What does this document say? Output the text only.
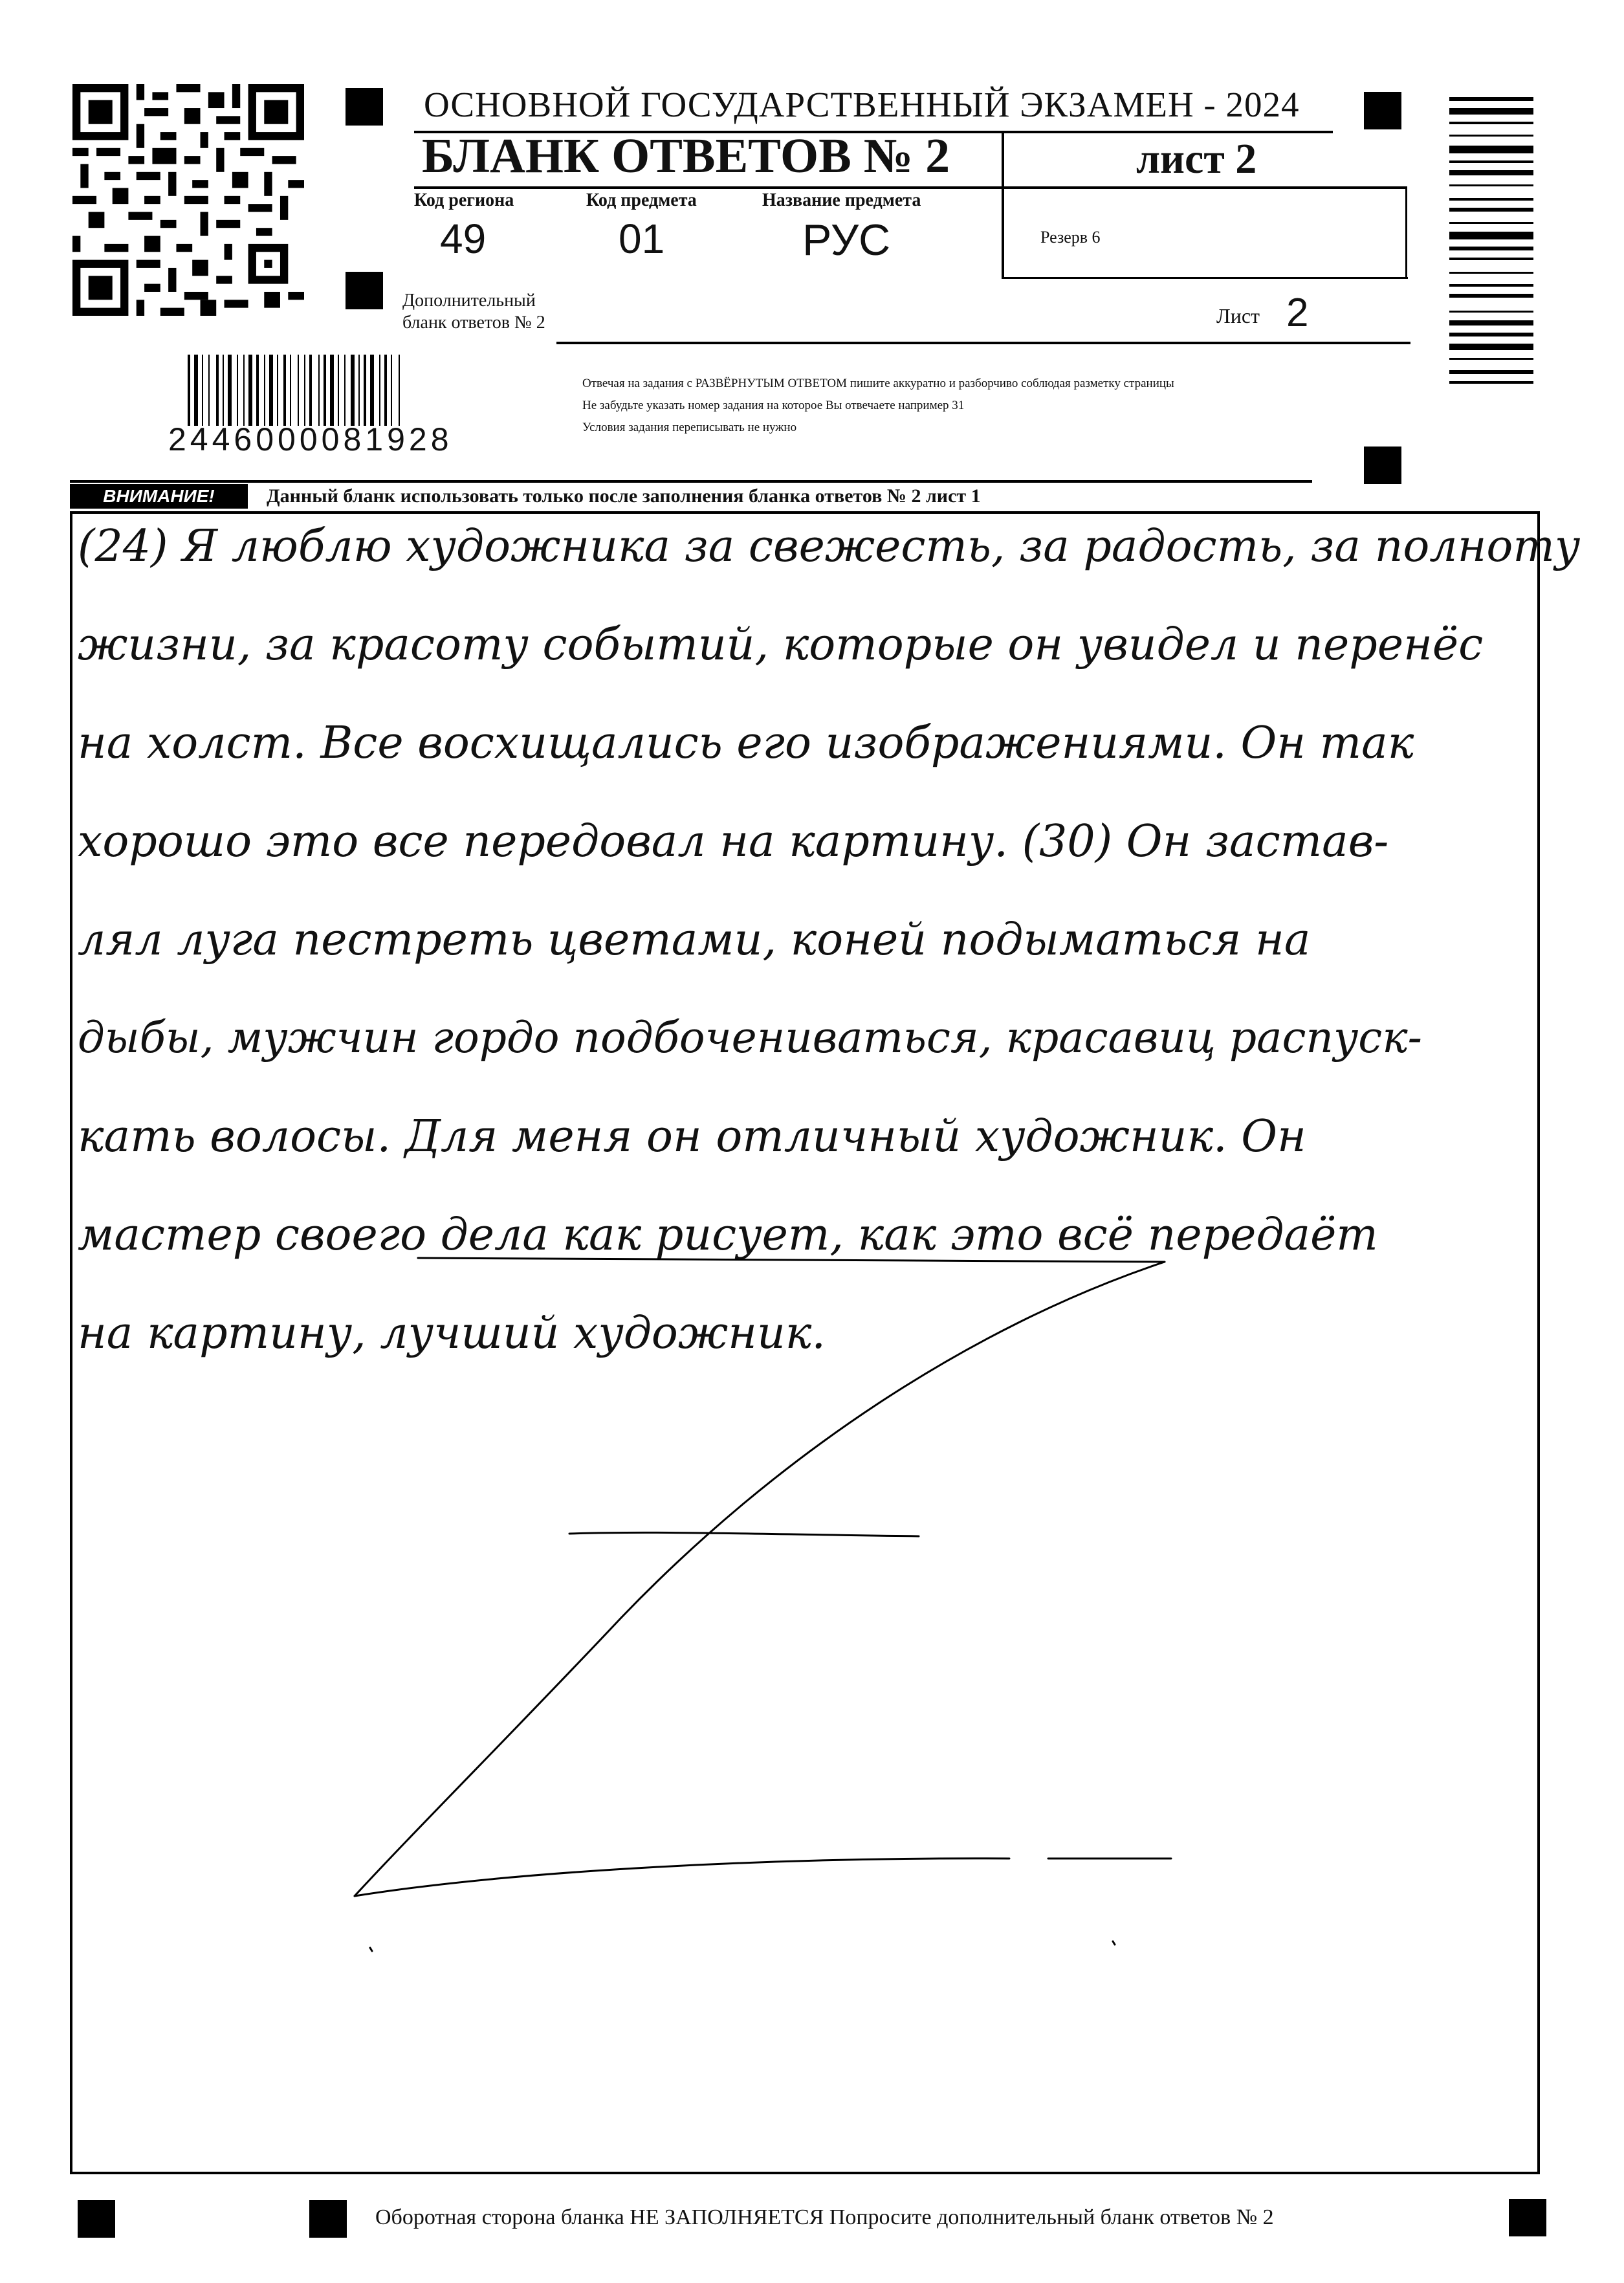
ОСНОВНОЙ ГОСУДАРСТВЕННЫЙ ЭКЗАМЕН - 2024
БЛАНК ОТВЕТОВ № 2	лист 2
Код региона
49
Код предмета
01
Название предмета
РУС	Резерв 6
Дополнительный
бланк ответов № 2	Лист 2
2446000081928
Отвечая на задания с РАЗВЁРНУТЫМ ОТВЕТОМ пишите аккуратно и разборчиво соблюдая разметку страницы
Не забудьте указать номер задания на которое Вы отвечаете например 31
Условия задания переписывать не нужно
ВНИМАНИЕ!	Данный бланк использовать только после заполнения бланка ответов № 2 лист 1
(24) Я люблю художника за свежесть, за радость, за полноту
жизни, за красоту событий, которые он увидел и перенёс
на холст. Все восхищались его изображениями. Он так
хорошо это все передовал на картину. (30) Он застав-
лял луга пестреть цветами, коней подыматься на
дыбы, мужчин гордо подбочениваться, красавиц распуск-
кать волосы. Для меня он отличный художник. Он
мастер своего дела как рисует, как это всё передаёт
на картину, лучший художник.
Оборотная сторона бланка НЕ ЗАПОЛНЯЕТСЯ Попросите дополнительный бланк ответов № 2
